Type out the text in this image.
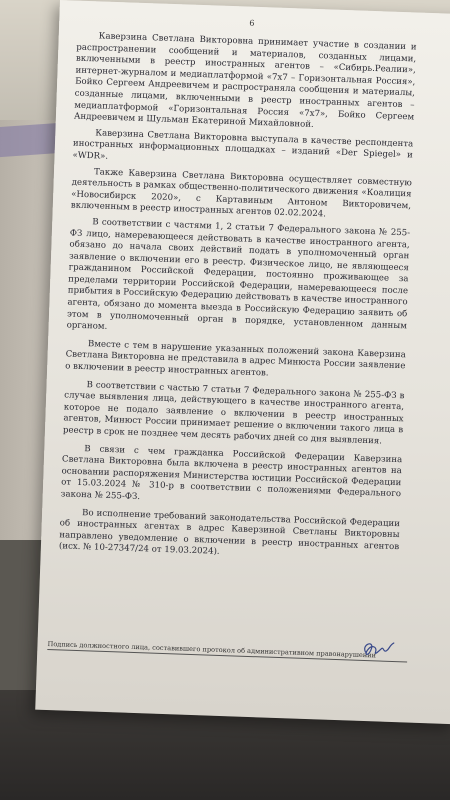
6

Каверзина Светлана Викторовна принимает участие в создании и распространении сообщений и материалов, созданных лицами, включенными в реестр иностранных агентов – «Сибирь.Реалии», интернет-журналом и медиаплатформой «7х7 – Горизонтальная Россия», Бойко Сергеем Андреевичем и распространяла сообщения и материалы, созданные лицами, включенными в реестр иностранных агентов – медиаплатформой «Горизонтальная Россия «7х7», Бойко Сергеем Андреевичем и Шульман Екатериной Михайловной.

Каверзина Светлана Викторовна выступала в качестве респондента иностранных информационных площадках – изданий «Der Spiegel» и «WDR».

Также Каверзина Светлана Викторовна осуществляет совместную деятельность в рамках общественно-политического движения «Коалиция «Новосибирск 2020», с Картавиным Антоном Викторовичем, включенным в реестр иностранных агентов 02.02.2024.

В соответствии с частями 1, 2 статьи 7 Федерального закона № 255-ФЗ лицо, намеревающееся действовать в качестве иностранного агента, обязано до начала своих действий подать в уполномоченный орган заявление о включении его в реестр. Физическое лицо, не являющееся гражданином Российской Федерации, постоянно проживающее за пределами территории Российской Федерации, намеревающееся после прибытия в Российскую Федерацию действовать в качестве иностранного агента, обязано до момента выезда в Российскую Федерацию заявить об этом в уполномоченный орган в порядке, установленном данным органом.

Вместе с тем в нарушение указанных положений закона Каверзина Светлана Викторовна не представила в адрес Минюста России заявление о включении в реестр иностранных агентов.

В соответствии с частью 7 статьи 7 Федерального закона № 255-ФЗ в случае выявления лица, действующего в качестве иностранного агента, которое не подало заявление о включении в реестр иностранных агентов, Минюст России принимает решение о включении такого лица в реестр в срок не позднее чем десять рабочих дней со дня выявления.

В связи с чем гражданка Российской Федерации Каверзина Светлана Викторовна была включена в реестр иностранных агентов на основании распоряжения Министерства юстиции Российской Федерации от 15.03.2024 № 310-р в соответствии с положениями Федерального закона № 255-ФЗ.

Во исполнение требований законодательства Российской Федерации об иностранных агентах в адрес Каверзиной Светланы Викторовны направлено уведомление о включении в реестр иностранных агентов (исх. № 10-27347/24 от 19.03.2024).

Подпись должностного лица, составившего протокол об административном правонарушении
